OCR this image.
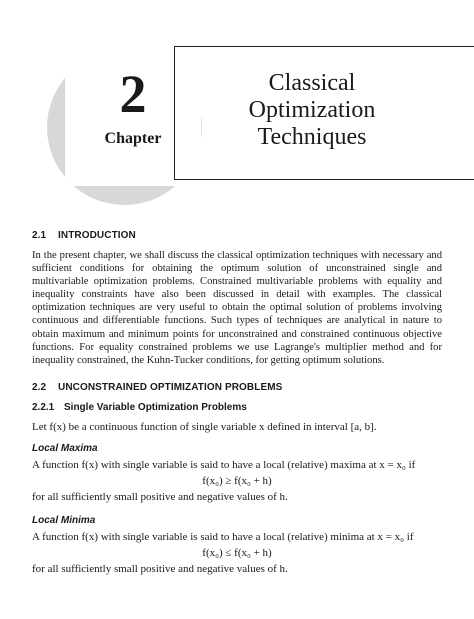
2
Chapter
Classical
Optimization
Techniques

2.1 INTRODUCTION

In the present chapter, we shall discuss the classical optimization techniques with necessary and sufficient conditions for obtaining the optimum solution of unconstrained single and multivariable optimization problems. Constrained multivariable problems with equality and inequality constraints have also been discussed in detail with examples. The classical optimization techniques are very useful to obtain the optimal solution of problems involving continuous and differentiable functions. Such types of techniques are analytical in nature to obtain maximum and minimum points for unconstrained and constrained continuous objective functions. For equality constrained problems we use Lagrange's multiplier method and for inequality constrained, the Kuhn-Tucker conditions, for getting optimum solutions.

2.2 UNCONSTRAINED OPTIMIZATION PROBLEMS

2.2.1 Single Variable Optimization Problems

Let f(x) be a continuous function of single variable x defined in interval [a, b].

Local Maxima

A function f(x) with single variable is said to have a local (relative) maxima at x = x₀ if

f(x₀) ≥ f(x₀ + h)

for all sufficiently small positive and negative values of h.

Local Minima

A function f(x) with single variable is said to have a local (relative) minima at x = x₀ if

f(x₀) ≤ f(x₀ + h)

for all sufficiently small positive and negative values of h.
